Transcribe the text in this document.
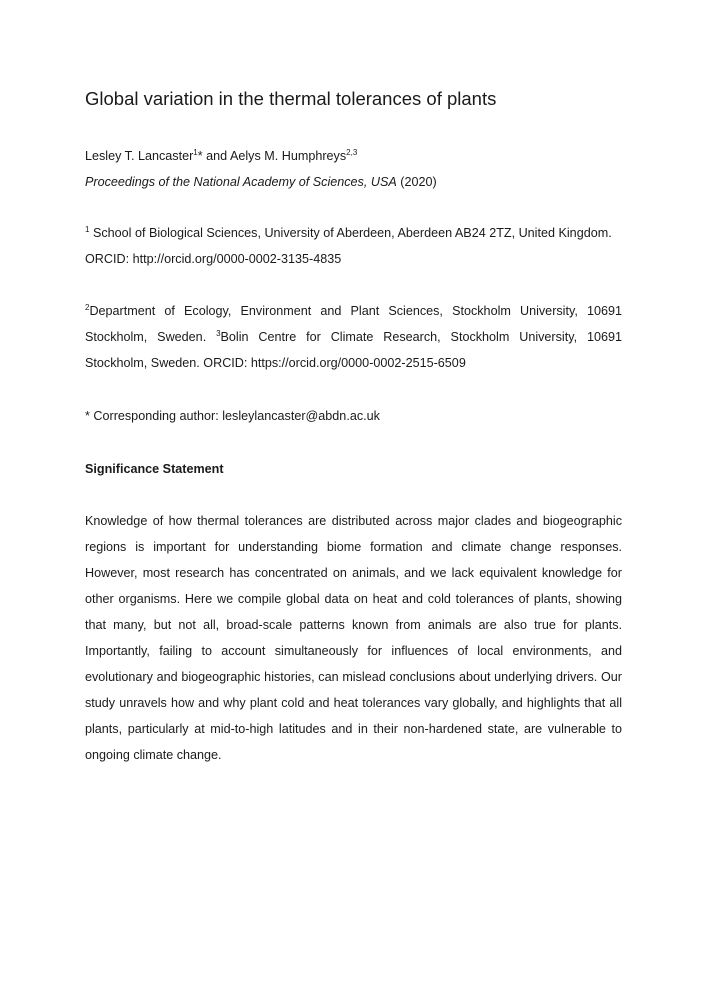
Global variation in the thermal tolerances of plants
Lesley T. Lancaster$^1$* and Aelys M. Humphreys$^{2,3}$
Proceedings of the National Academy of Sciences, USA (2020)
$^1$ School of Biological Sciences, University of Aberdeen, Aberdeen AB24 2TZ, United Kingdom.
ORCID: http://orcid.org/0000-0002-3135-4835
$^2$Department of Ecology, Environment and Plant Sciences, Stockholm University, 10691 Stockholm, Sweden. $^3$Bolin Centre for Climate Research, Stockholm University, 10691 Stockholm, Sweden. ORCID: https://orcid.org/0000-0002-2515-6509
* Corresponding author: lesleylancaster@abdn.ac.uk
Significance Statement

Knowledge of how thermal tolerances are distributed across major clades and biogeographic regions is important for understanding biome formation and climate change responses. However, most research has concentrated on animals, and we lack equivalent knowledge for other organisms. Here we compile global data on heat and cold tolerances of plants, showing that many, but not all, broad-scale patterns known from animals are also true for plants. Importantly, failing to account simultaneously for influences of local environments, and evolutionary and biogeographic histories, can mislead conclusions about underlying drivers. Our study unravels how and why plant cold and heat tolerances vary globally, and highlights that all plants, particularly at mid-to-high latitudes and in their non-hardened state, are vulnerable to ongoing climate change.
